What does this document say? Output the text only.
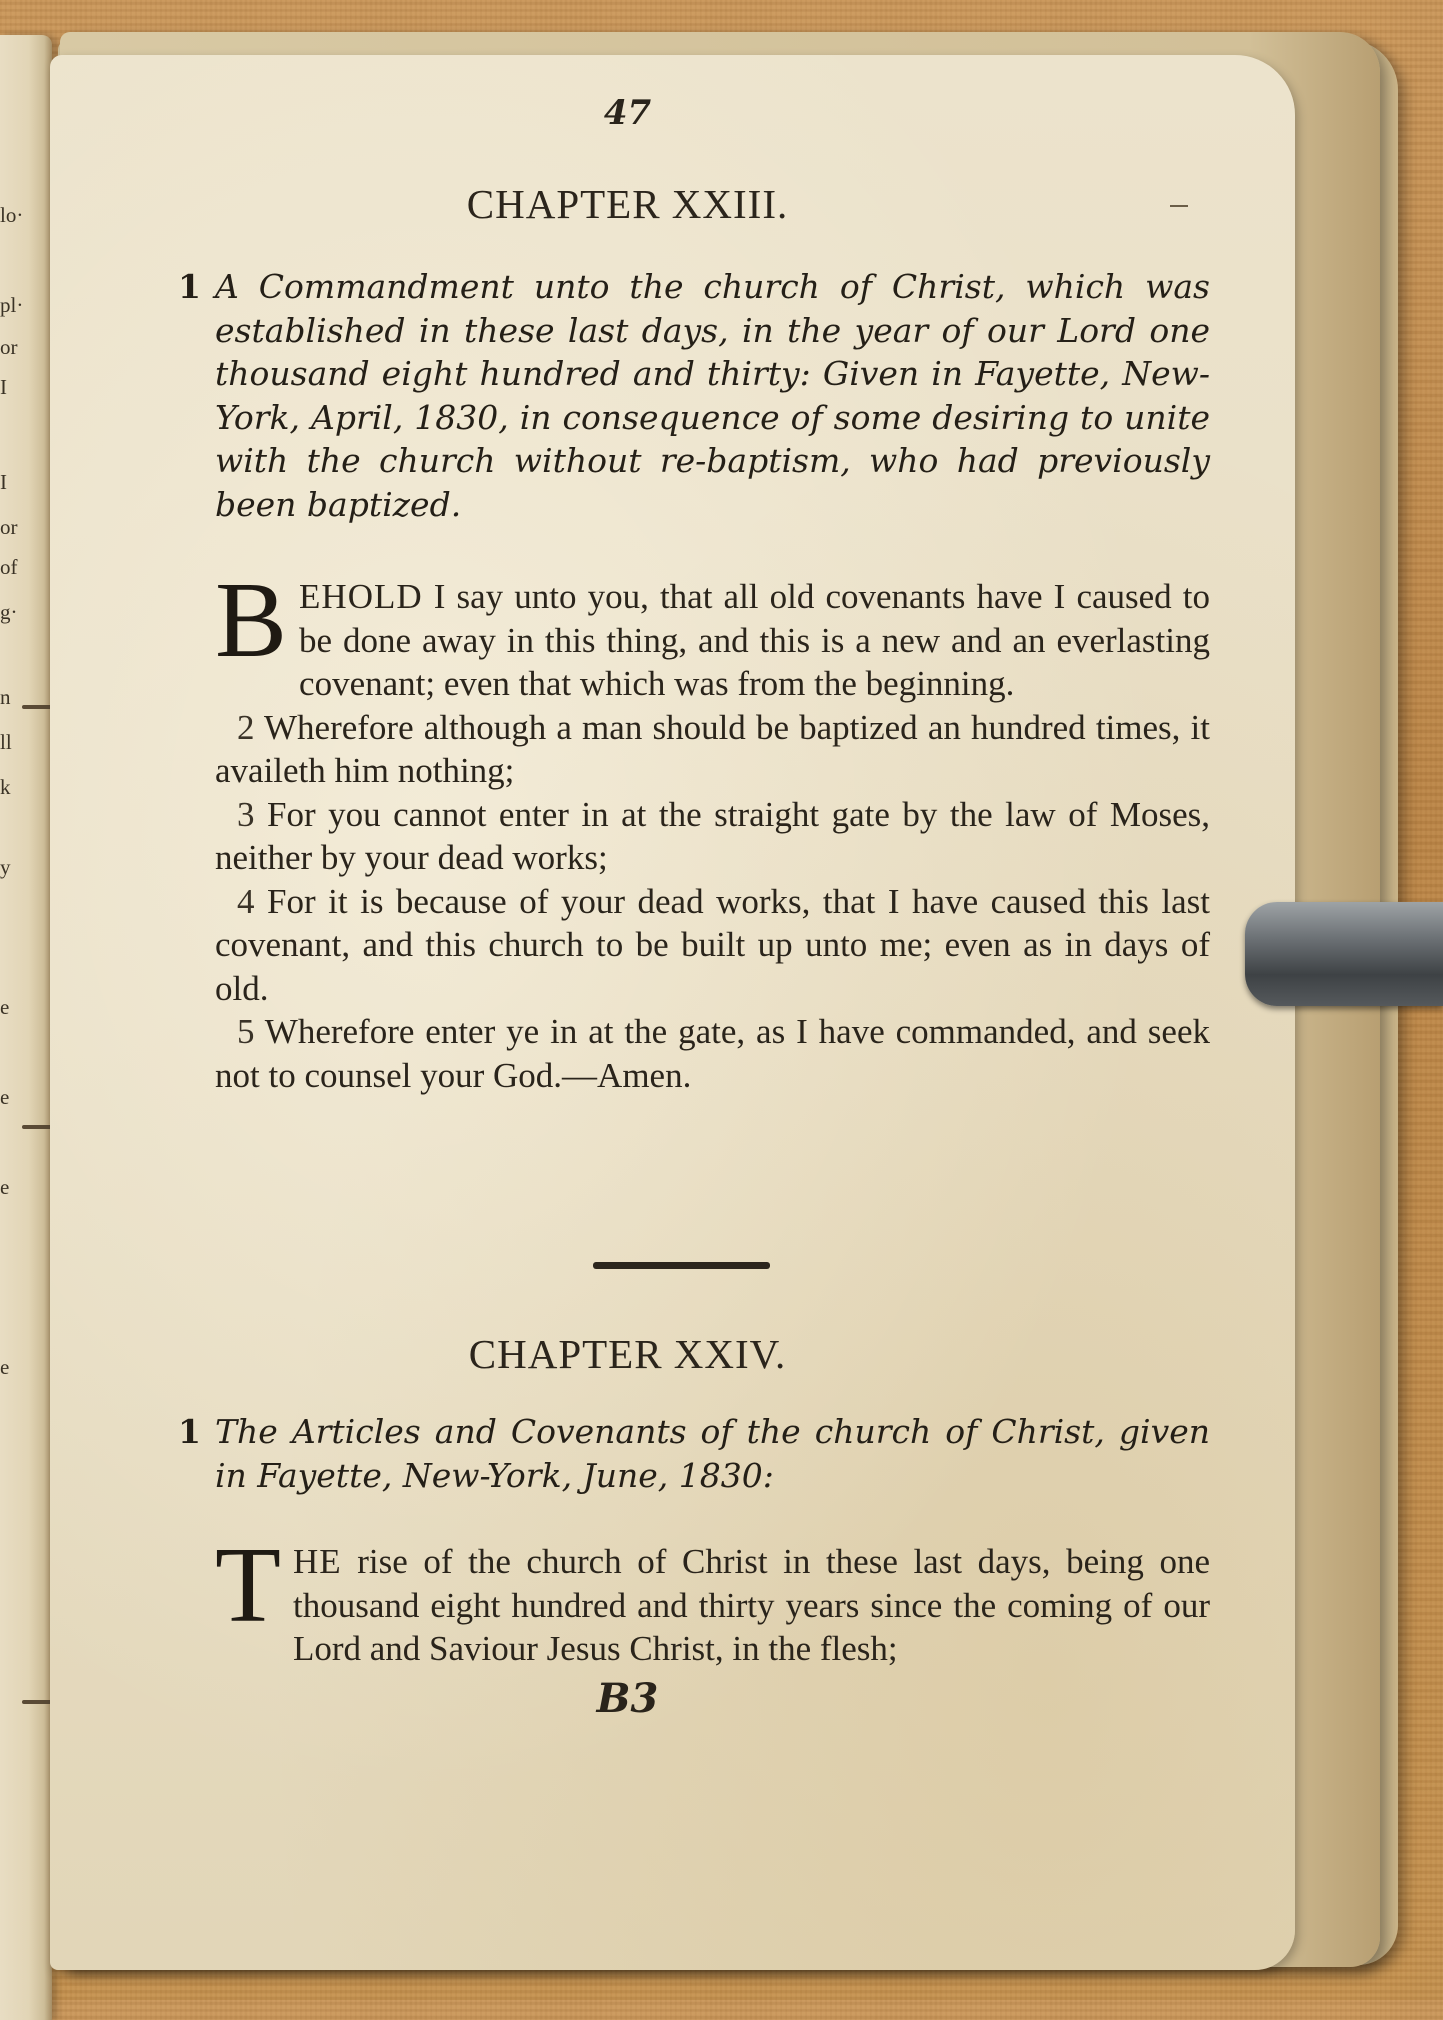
lo·
pl·
or
I
I
or
of
g·
n
ll
k
y
e
e
e
e
47
CHAPTER XXIII.
1 A Commandment unto the church of Christ, which was established in these last days, in the year of our Lord one thousand eight hundred and thirty: Given in Fayette, New-York, April, 1830, in consequence of some desiring to unite with the church without re-baptism, who had previously been baptized.
BEHOLD I say unto you, that all old covenants have I caused to be done away in this thing, and this is a new and an everlasting covenant; even that which was from the beginning.
2 Wherefore although a man should be baptized an hundred times, it availeth him nothing;
3 For you cannot enter in at the straight gate by the law of Moses, neither by your dead works;
4 For it is because of your dead works, that I have caused this last covenant, and this church to be built up unto me; even as in days of old.
5 Wherefore enter ye in at the gate, as I have commanded, and seek not to counsel your God.—Amen.
CHAPTER XXIV.
1 The Articles and Covenants of the church of Christ, given in Fayette, New-York, June, 1830:
THE rise of the church of Christ in these last days, being one thousand eight hundred and thirty years since the coming of our Lord and Saviour Jesus Christ, in the flesh;
B3
